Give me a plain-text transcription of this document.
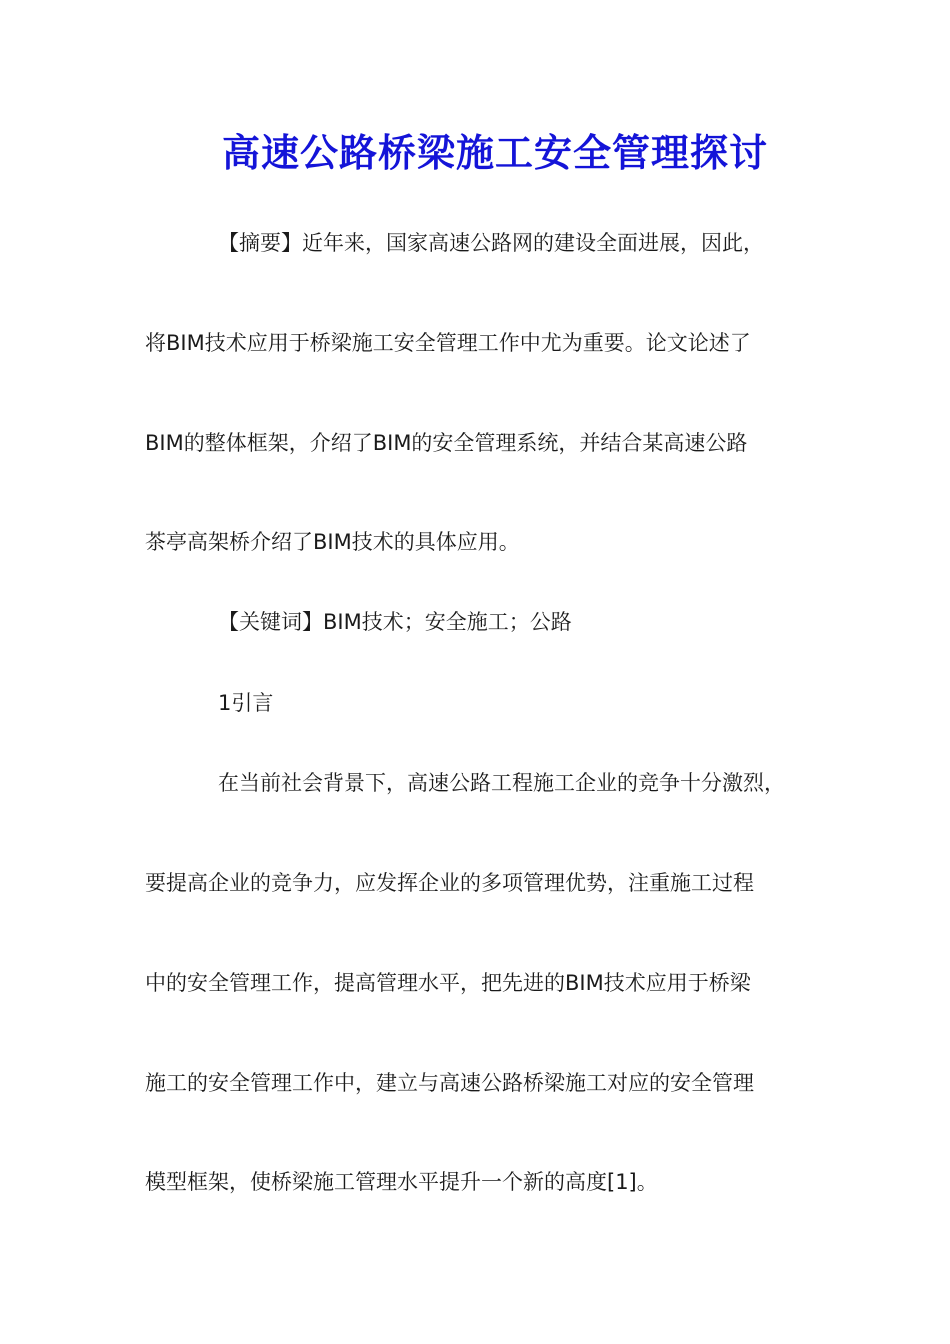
高速公路桥梁施工安全管理探讨
【摘要】近年来，国家高速公路网的建设全面进展，因此，
将BIM技术应用于桥梁施工安全管理工作中尤为重要。论文论述了
BIM的整体框架，介绍了BIM的安全管理系统，并结合某高速公路
茶亭高架桥介绍了BIM技术的具体应用。
【关键词】BIM技术；安全施工；公路
1引言
在当前社会背景下，高速公路工程施工企业的竞争十分激烈，
要提高企业的竞争力，应发挥企业的多项管理优势，注重施工过程
中的安全管理工作，提高管理水平，把先进的BIM技术应用于桥梁
施工的安全管理工作中，建立与高速公路桥梁施工对应的安全管理
模型框架，使桥梁施工管理水平提升一个新的高度[1]。
